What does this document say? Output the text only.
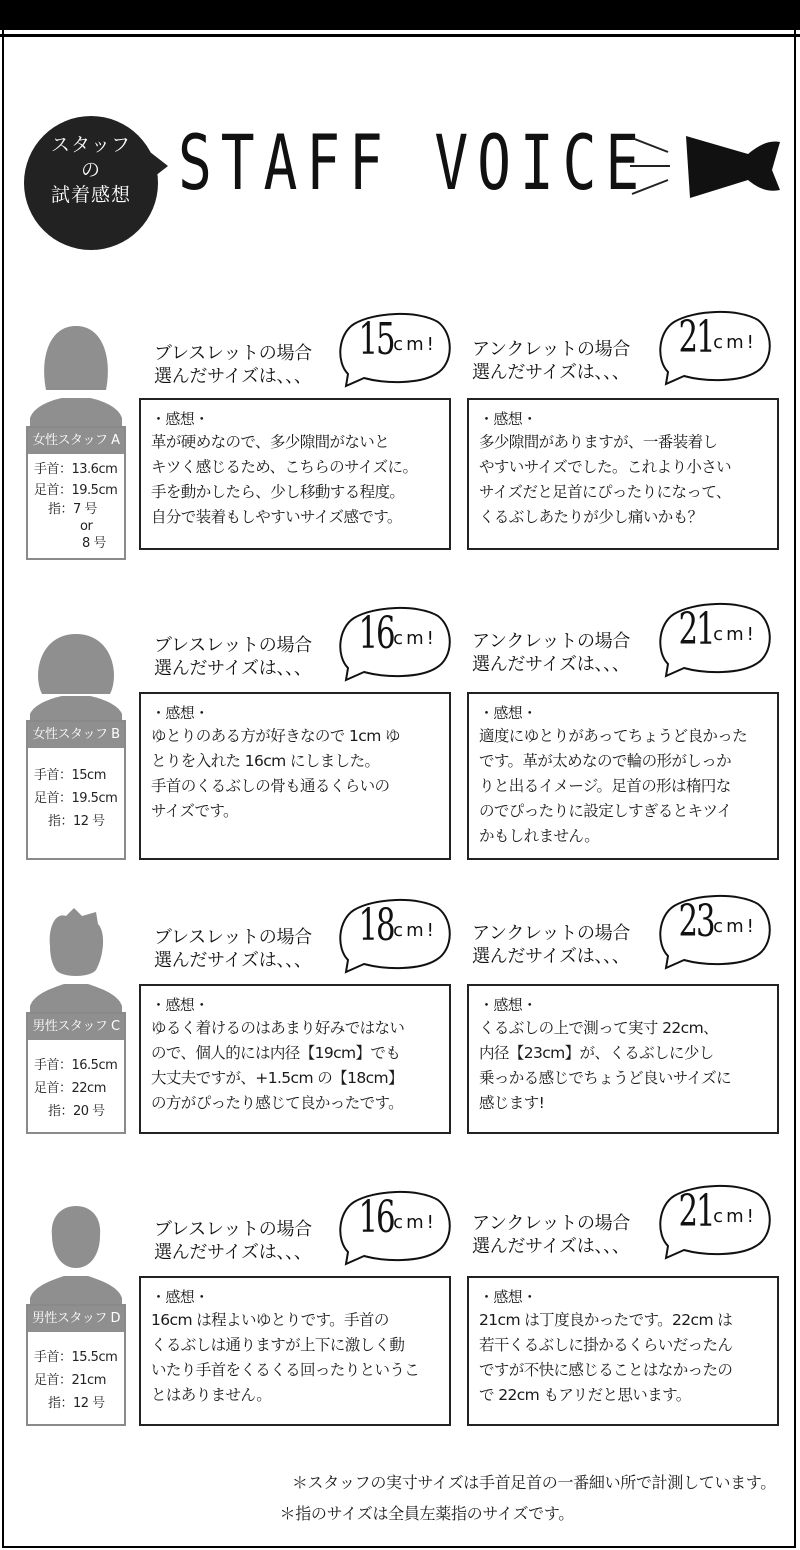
スタッフ
の
試着感想 STAFF VOICE
女性スタッフ A
手首：13.6cm
足首：19.5cm
指：7 号
or
8 号
ブレスレットの場合
選んだサイズは、、、
15cm!	アンクレットの場合
選んだサイズは、、、
21cm!
・感想・
革が硬めなので、多少隙間がないと
キツく感じるため、こちらのサイズに。
手を動かしたら、少し移動する程度。
自分で装着もしやすいサイズ感です。
・感想・
多少隙間がありますが、一番装着し
やすいサイズでした。これより小さい
サイズだと足首にぴったりになって、
くるぶしあたりが少し痛いかも？
女性スタッフ B
手首：15cm
足首：19.5cm
指：12 号
ブレスレットの場合
選んだサイズは、、、
16cm!	アンクレットの場合
選んだサイズは、、、
21cm!
・感想・
ゆとりのある方が好きなので 1cm ゆ
とりを入れた 16cm にしました。
手首のくるぶしの骨も通るくらいの
サイズです。
・感想・
適度にゆとりがあってちょうど良かった
です。革が太めなので輪の形がしっか
りと出るイメージ。足首の形は楕円な
のでぴったりに設定しすぎるとキツイ
かもしれません。
男性スタッフ C
手首：16.5cm
足首：22cm
指：20 号
ブレスレットの場合
選んだサイズは、、、
18cm!	アンクレットの場合
選んだサイズは、、、
23cm!
・感想・
ゆるく着けるのはあまり好みではない
ので、個人的には内径【19cm】でも
大丈夫ですが、+1.5cm の【18cm】
の方がぴったり感じて良かったです。
・感想・
くるぶしの上で測って実寸 22cm、
内径【23cm】が、くるぶしに少し
乗っかる感じでちょうど良いサイズに
感じます!
男性スタッフ D
手首：15.5cm
足首：21cm
指：12 号
ブレスレットの場合
選んだサイズは、、、
16cm!	アンクレットの場合
選んだサイズは、、、
21cm!
・感想・
16cm は程よいゆとりです。手首の
くるぶしは通りますが上下に激しく動
いたり手首をくるくる回ったりというこ
とはありません。
・感想・
21cm は丁度良かったです。22cm は
若干くるぶしに掛かるくらいだったん
ですが不快に感じることはなかったの
で 22cm もアリだと思います。
＊スタッフの実寸サイズは手首足首の一番細い所で計測しています。
＊指のサイズは全員左薬指のサイズです。
